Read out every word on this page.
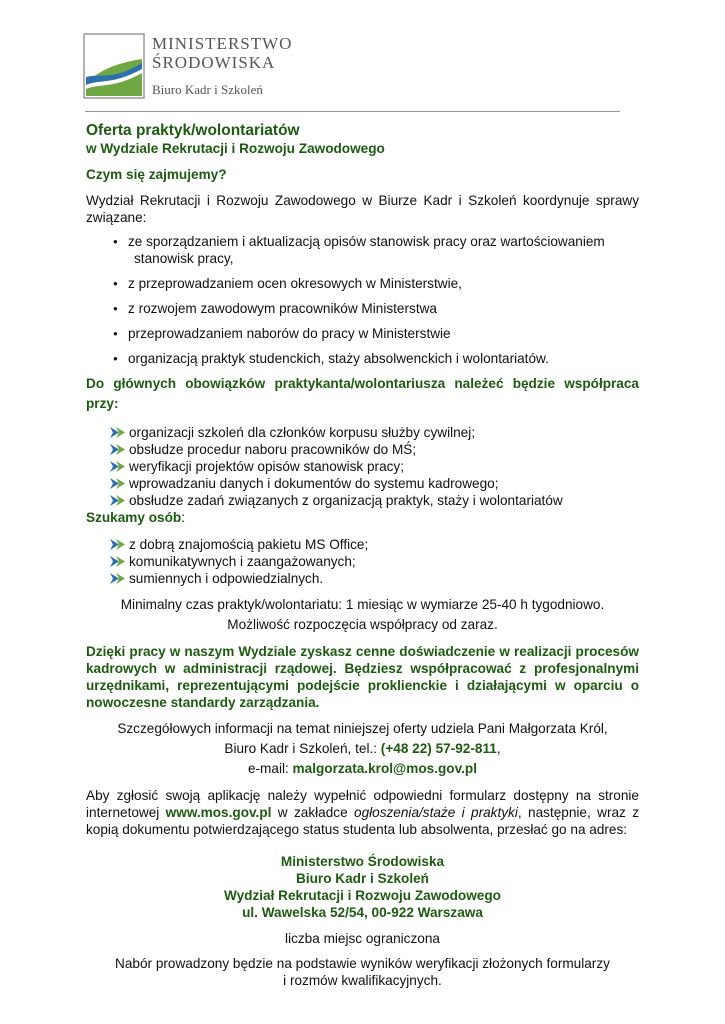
MINISTERSTWO
ŚRODOWISKA
Biuro Kadr i Szkoleń
Oferta praktyk/wolontariatów
w Wydziale Rekrutacji i Rozwoju Zawodowego
Czym się zajmujemy?

Wydział Rekrutacji i Rozwoju Zawodowego w Biurze Kadr i Szkoleń koordynuje sprawy związane:

● ze sporządzaniem i aktualizacją opisów stanowisk pracy oraz wartościowaniem
stanowisk pracy,
● z przeprowadzaniem ocen okresowych w Ministerstwie,
● z rozwojem zawodowym pracowników Ministerstwa
● przeprowadzaniem naborów do pracy w Ministerstwie
● organizacją praktyk studenckich, staży absolwenckich i wolontariatów.
Do głównych obowiązków praktykanta/wolontariusza należeć będzie współpraca przy:
organizacji szkoleń dla członków korpusu służby cywilnej;
obsłudze procedur naboru pracowników do MŚ;
weryfikacji projektów opisów stanowisk pracy;
wprowadzaniu danych i dokumentów do systemu kadrowego;
obsłudze zadań związanych z organizacją praktyk, staży i wolontariatów

Szukamy osób:

z dobrą znajomością pakietu MS Office;
komunikatywnych i zaangażowanych;
sumiennych i odpowiedzialnych.

Minimalny czas praktyk/wolontariatu: 1 miesiąc w wymiarze 25-40 h tygodniowo.

Możliwość rozpoczęcia współpracy od zaraz.

Dzięki pracy w naszym Wydziale zyskasz cenne doświadczenie w realizacji procesów kadrowych w administracji rządowej. Będziesz współpracować z profesjonalnymi urzędnikami, reprezentującymi podejście proklienckie i działającymi w oparciu o nowoczesne standardy zarządzania.

Szczegółowych informacji na temat niniejszej oferty udziela Pani Małgorzata Król,

Biuro Kadr i Szkoleń, tel.: (+48 22) 57-92-811,

e-mail: malgorzata.krol@mos.gov.pl

Aby zgłosić swoją aplikację należy wypełnić odpowiedni formularz dostępny na stronie internetowej www.mos.gov.pl w zakładce ogłoszenia/staże i praktyki, następnie, wraz z kopią dokumentu potwierdzającego status studenta lub absolwenta, przesłać go na adres:

Ministerstwo Środowiska
Biuro Kadr i Szkoleń
Wydział Rekrutacji i Rozwoju Zawodowego
ul. Wawelska 52/54, 00-922 Warszawa

liczba miejsc ograniczona

Nabór prowadzony będzie na podstawie wyników weryfikacji złożonych formularzy

i rozmów kwalifikacyjnych.
